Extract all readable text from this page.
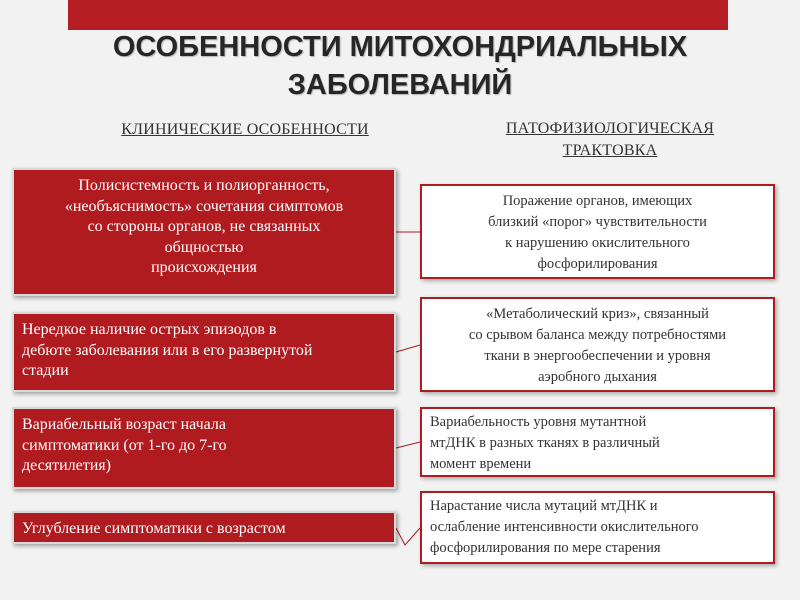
ОСОБЕННОСТИ МИТОХОНДРИАЛЬНЫХ
ЗАБОЛЕВАНИЙ
КЛИНИЧЕСКИЕ ОСОБЕННОСТИ	ПАТОФИЗИОЛОГИЧЕСКАЯ
ТРАКТОВКА
Полисистемность и полиорганность,
«необъяснимость» сочетания симптомов
со стороны органов, не связанных
общностью
происхождения
Нередкое наличие острых эпизодов в
дебюте заболевания или в его развернутой
стадии
Вариабельный возраст начала
симптоматики (от 1-го до 7-го
десятилетия)
Углубление симптоматики с возрастом
Поражение органов, имеющих
близкий «порог» чувствительности
к нарушению окислительного
фосфорилирования
«Метаболический криз», связанный
со срывом баланса между потребностями
ткани в энергообеспечении и уровня
аэробного дыхания
Вариабельность уровня мутантной
мтДНК в разных тканях в различный
момент времени
Нарастание числа мутаций мтДНК и
ослабление интенсивности окислительного
фосфорилирования по мере старения
